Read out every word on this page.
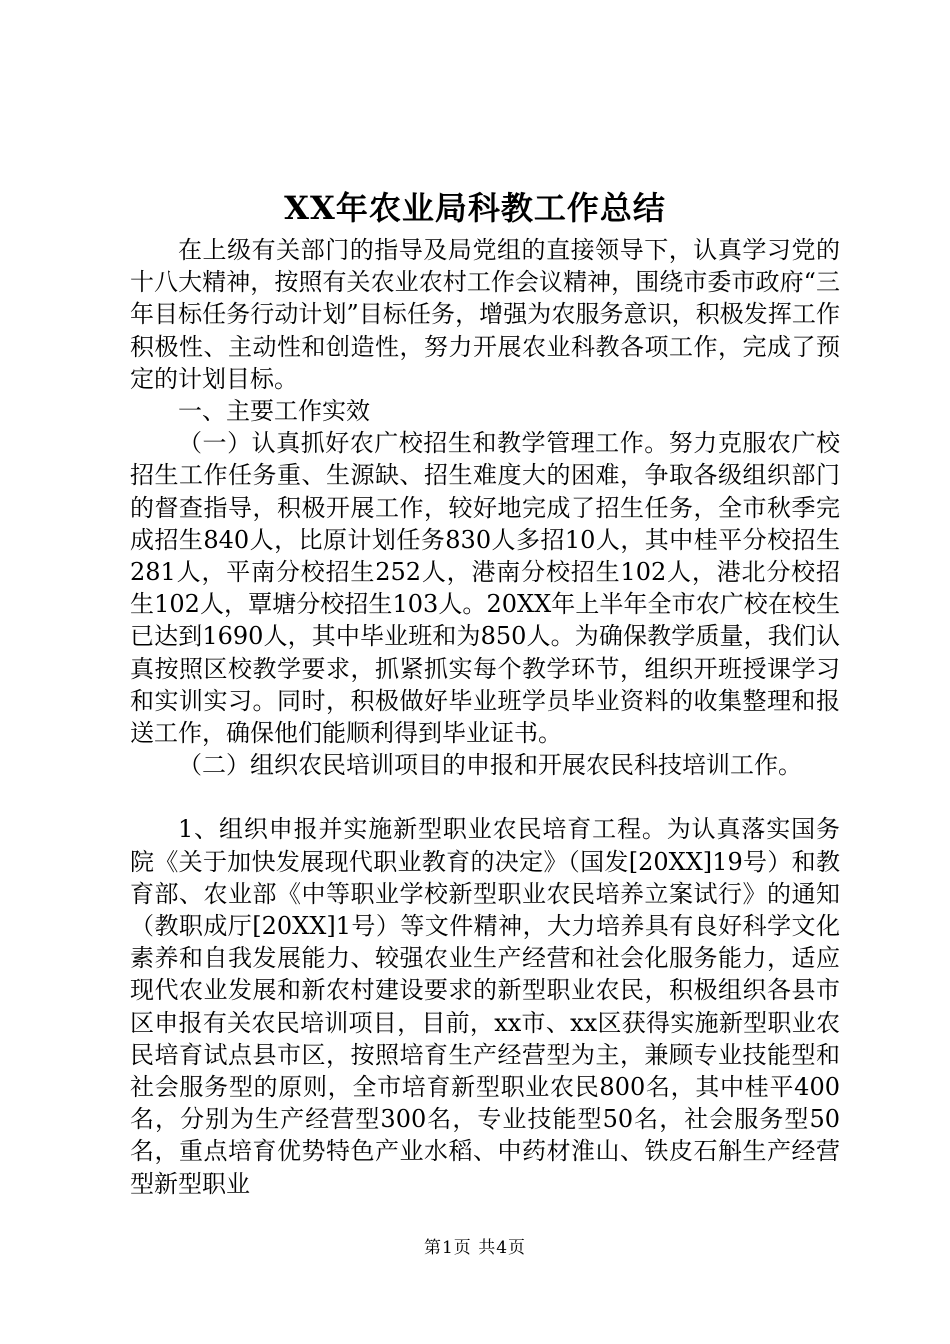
XX年农业局科教工作总结

在上级有关部门的指导及局党组的直接领导下，认真学习党的十八大精神，按照有关农业农村工作会议精神，围绕市委市政府“三年目标任务行动计划”目标任务，增强为农服务意识，积极发挥工作积极性、主动性和创造性，努力开展农业科教各项工作，完成了预定的计划目标。

一、主要工作实效

（一）认真抓好农广校招生和教学管理工作。努力克服农广校招生工作任务重、生源缺、招生难度大的困难，争取各级组织部门的督查指导，积极开展工作，较好地完成了招生任务，全市秋季完成招生840人，比原计划任务830人多招10人，其中桂平分校招生281人，平南分校招生252人，港南分校招生102人，港北分校招生102人，覃塘分校招生103人。20XX年上半年全市农广校在校生已达到1690人，其中毕业班和为850人。为确保教学质量，我们认真按照区校教学要求，抓紧抓实每个教学环节，组织开班授课学习和实训实习。同时，积极做好毕业班学员毕业资料的收集整理和报送工作，确保他们能顺利得到毕业证书。

（二）组织农民培训项目的申报和开展农民科技培训工作。

1、组织申报并实施新型职业农民培育工程。为认真落实国务院《关于加快发展现代职业教育的决定》（国发[20XX]19号）和教育部、农业部《中等职业学校新型职业农民培养立案试行》的通知（教职成厅[20XX]1号）等文件精神，大力培养具有良好科学文化素养和自我发展能力、较强农业生产经营和社会化服务能力，适应现代农业发展和新农村建设要求的新型职业农民，积极组织各县市区申报有关农民培训项目，目前，xx市、xx区获得实施新型职业农民培育试点县市区，按照培育生产经营型为主，兼顾专业技能型和社会服务型的原则，全市培育新型职业农民800名，其中桂平400名，分别为生产经营型300名，专业技能型50名，社会服务型50名，重点培育优势特色产业水稻、中药材淮山、铁皮石斛生产经营型新型职业

第1页 共4页
